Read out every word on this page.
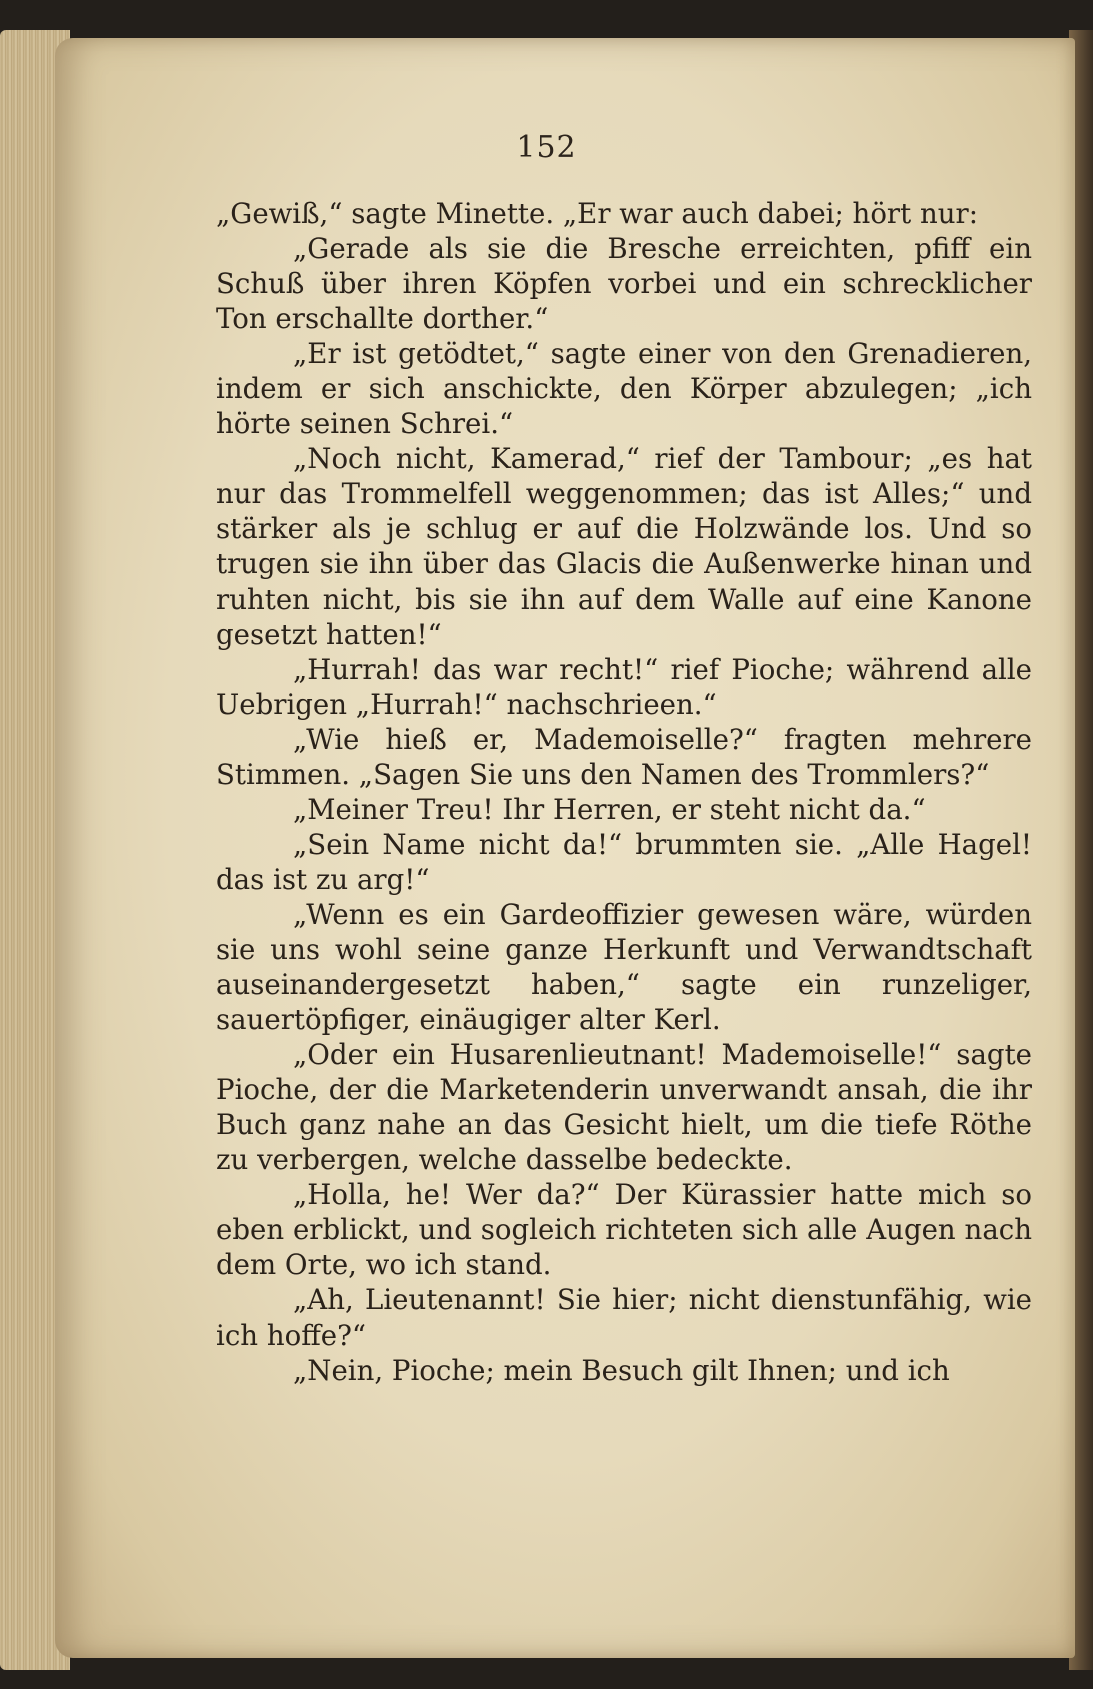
152

„Gewiß,“ sagte Minette. „Er war auch dabei; hört nur:

„Gerade als sie die Bresche erreichten, pfiff ein Schuß über ihren Köpfen vorbei und ein schrecklicher Ton erschallte dorther.“

„Er ist getödtet,“ sagte einer von den Grenadieren, indem er sich anschickte, den Körper abzulegen; „ich hörte seinen Schrei.“

„Noch nicht, Kamerad,“ rief der Tambour; „es hat nur das Trommelfell weggenommen; das ist Alles;“ und stärker als je schlug er auf die Holzwände los. Und so trugen sie ihn über das Glacis die Außenwerke hinan und ruhten nicht, bis sie ihn auf dem Walle auf eine Kanone gesetzt hatten!“

„Hurrah! das war recht!“ rief Pioche; während alle Uebrigen „Hurrah!“ nachschrieen.“

„Wie hieß er, Mademoiselle?“ fragten mehrere Stimmen. „Sagen Sie uns den Namen des Trommlers?“

„Meiner Treu! Ihr Herren, er steht nicht da.“

„Sein Name nicht da!“ brummten sie. „Alle Hagel! das ist zu arg!“

„Wenn es ein Gardeoffizier gewesen wäre, würden sie uns wohl seine ganze Herkunft und Verwandtschaft auseinandergesetzt haben,“ sagte ein runzeliger, sauertöpfiger, einäugiger alter Kerl.

„Oder ein Husarenlieutnant! Mademoiselle!“ sagte Pioche, der die Marketenderin unverwandt ansah, die ihr Buch ganz nahe an das Gesicht hielt, um die tiefe Röthe zu verbergen, welche dasselbe bedeckte.

„Holla, he! Wer da?“ Der Kürassier hatte mich so eben erblickt, und sogleich richteten sich alle Augen nach dem Orte, wo ich stand.

„Ah, Lieutenannt! Sie hier; nicht dienstunfähig, wie ich hoffe?“

„Nein, Pioche; mein Besuch gilt Ihnen; und ich
